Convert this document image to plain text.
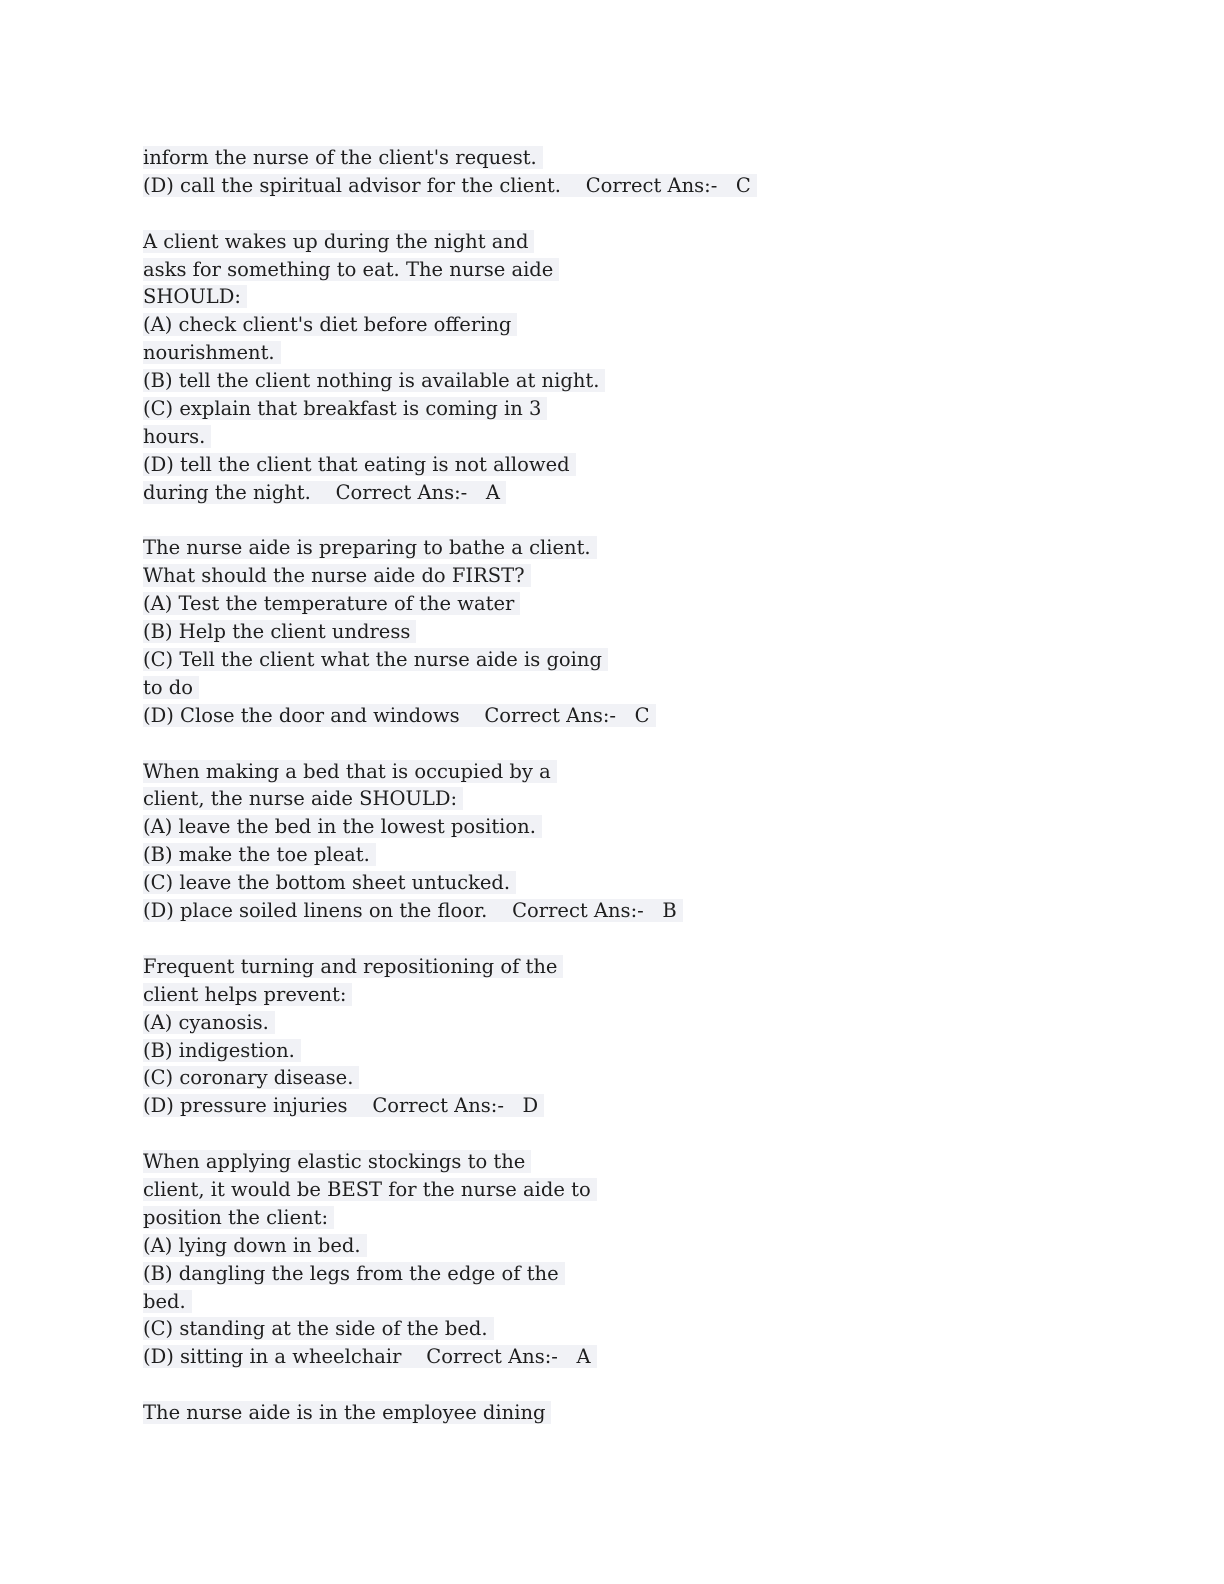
inform the nurse of the client's request.
(D) call the spiritual advisor for the client.    Correct Ans:-   C
A client wakes up during the night and
asks for something to eat. The nurse aide
SHOULD:
(A) check client's diet before offering
nourishment.
(B) tell the client nothing is available at night.
(C) explain that breakfast is coming in 3
hours.
(D) tell the client that eating is not allowed
during the night.    Correct Ans:-   A
The nurse aide is preparing to bathe a client.
What should the nurse aide do FIRST?
(A) Test the temperature of the water
(B) Help the client undress
(C) Tell the client what the nurse aide is going
to do
(D) Close the door and windows    Correct Ans:-   C
When making a bed that is occupied by a
client, the nurse aide SHOULD:
(A) leave the bed in the lowest position.
(B) make the toe pleat.
(C) leave the bottom sheet untucked.
(D) place soiled linens on the floor.    Correct Ans:-   B
Frequent turning and repositioning of the
client helps prevent:
(A) cyanosis.
(B) indigestion.
(C) coronary disease.
(D) pressure injuries    Correct Ans:-   D
When applying elastic stockings to the
client, it would be BEST for the nurse aide to
position the client:
(A) lying down in bed.
(B) dangling the legs from the edge of the
bed.
(C) standing at the side of the bed.
(D) sitting in a wheelchair    Correct Ans:-   A
The nurse aide is in the employee dining
